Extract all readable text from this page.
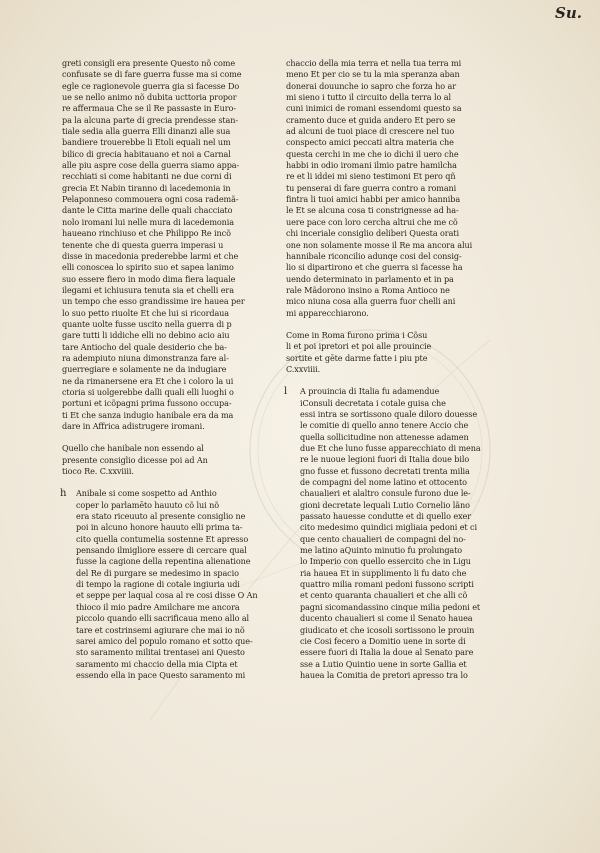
Su.
greti consigli era presente Questo nõ come
confusate se di fare guerra fusse ma si come
egle ce ragionevole guerra gia si facesse Do
ue se nello animo nõ dubita ucttoria propor
re affermaua Che se il Re passaste in Euro-
pa la alcuna parte di grecia prendesse stan-
tiale sedia alla guerra Elli dinanzi alle sua
bandiere trouerebbe li Etoli equali nel um
bilico di grecia habitauano et noi a Carnal
alle piu aspre cose della guerra siamo appa-
recchiati si come habitanti ne due corni di
grecia Et Nabin tiranno di lacedemonia in
Pelaponneso commouera ogni cosa rademã-
dante le Citta marine delle quali chacciato
nolo iromani lui nelle mura di lacedemonia
haueano rinchiuso et che Philippo Re incõ
tenente che di questa guerra imperasi u
disse in macedonia prederebbe larmi et che
elli conoscea lo spirito suo et sapea lanimo
suo essere fiero in modo dima fiera laquale
ilegami et ichiusura tenuta sia et chelli era
un tempo che esso grandissime ire hauea per
lo suo petto riuolte Et che lui si ricordaua
quante uolte fusse uscito nella guerra di p
gare tutti li iddiche elli no debino acio aiu
tare Antiocho del quale desiderio che ba-
ra adempiuto niuna dimonstranza fare al-
guerregiare e solamente ne da indugiare
ne da rimanersene era Et che i coloro la ui
ctoria si uolgerebbe dalli quali elli luoghi o
portuni et icõpagni prima fussono occupa-
ti Et che sanza indugio hanibale era da ma
dare in Affrica adistrugere iromani.
Quello che hanibale non essendo al
presente consiglio dicesse poi ad An
tioco Re. C.xxviiii.
h Anibale si come sospetto ad Anthio
coper lo parlamēto hauuto cõ lui nõ
era stato riceuuto al presente consiglio ne
poi in alcuno honore hauuto elli prima ta-
cito quella contumelia sostenne Et apresso
pensando ilmigliore essere di cercare qual
fusse la cagione della repentina alienatione
del Re di purgare se medesimo in spacio
di tempo la ragione di cotale ingiuria udi
et seppe per laqual cosa al re cosi disse O An
thioco il mio padre Amilchare me ancora
piccolo quando elli sacrificaua meno allo al
tare et costrinsemi agiurare che mai io nõ
sarei amico del populo romano et sotto que-
sto saramento militai trentasei ani Questo
saramento mi chaccio della mia Cipta et
essendo ella in pace Questo saramento mi
chaccio della mia terra et nella tua terra mi
meno Et per cio se tu la mia speranza aban
donerai douunche io sapro che forza ho ar
mi sieno i tutto il circuito della terra lo al
cuni inimici de romani essendomi questo sa
cramento duce et guida andero Et pero se
ad alcuni de tuoi piace di crescere nel tuo
conspecto amici peccati altra materia che
questa cerchi in me che io dichi il uero che
habbi in odio iromani ilmio patre hamilcha
re et li iddei mi sieno testimoni Et pero qñ
tu penserai di fare guerra contro a romani
fintra li tuoi amici habbi per amico hanniba
le Et se alcuna cosa ti constrignesse ad ha-
uere pace con loro cercha altrui che me cõ
chi inceriale consiglio deliberi Questa orati
one non solamente mosse il Re ma ancora alui
hannibale riconcilio adunqe cosi del consig-
lio si dipartirono et che guerra si facesse ha
uendo determinato in parlamento et in pa
rale Mãdorono insino a Roma Antioco ne
mico niuna cosa alla guerra fuor chelli ani
mi apparecchiarono.
Come in Roma furono prima i Cõsu
li et poi ipretori et poi alle prouincie
sortite et gēte darme fatte i piu pte
C.xxviiii.
l A prouincia di Italia fu adamendue
iConsuli decretata i cotale guisa che
essi intra se sortissono quale diloro douesse
le comitie di quello anno tenere Accio che
quella sollicitudine non attenesse adamen
due Et che luno fusse apparecchiato di mena
re le nuoue legioni fuori di Italia doue bilo
gno fusse et fussono decretati trenta milia
de compagni del nome latino et ottocento
chaualieri et alaltro consule furono due le-
gioni decretate lequali Lutio Cornelio lãno
passato hauesse condutte et di quello exer
cito medesimo quindici migliaia pedoni et ci
que cento chaualieri de compagni del no-
me latino aQuinto minutio fu prolungato
lo Imperio con quello essercito che in Ligu
ria hauea Et in supplimento li fu dato che
quattro milia romani pedoni fussono scripti
et cento quaranta chaualieri et che alli cõ
pagni sicomandassino cinque milia pedoni et
ducento chaualieri si come il Senato hauea
giudicato et che icosoli sortissono le prouin
cie Cosi fecero a Domitio uene in sorte di
essere fuori di Italia la doue al Senato pare
sse a Lutio Quintio uene in sorte Gallia et
hauea la Comitia de pretori apresso tra lo
